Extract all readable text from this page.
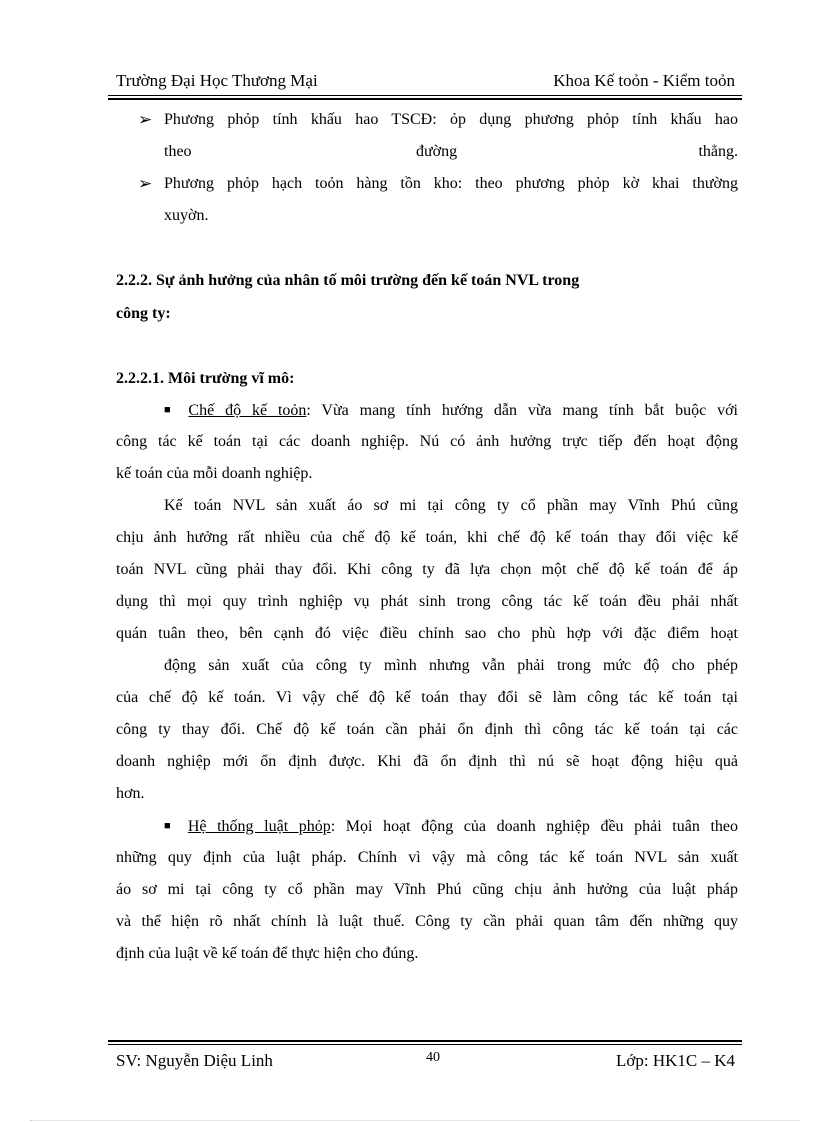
Trường Đại Học Thương Mại	Khoa Kế toỏn - Kiểm toỏn
➢ Phương phỏp tính khấu hao TSCĐ: ỏp dụng phương phỏp tính khấu hao
theo	đường	thẳng.
➢ Phương phỏp hạch toỏn hàng tồn kho: theo phương phỏp kờ khai thường
xuyờn.
2.2.2. Sự ảnh hưởng của nhân tố môi trường đến kế toán NVL trong
công ty:
2.2.2.1. Môi trường vĩ mô:
■ Chế độ kế toỏn: Vừa mang tính hướng dẫn vừa mang tính bắt buộc với
công tác kế toán tại các doanh nghiệp. Nú có ảnh hưởng trực tiếp đến hoạt động
kế toán của mỗi doanh nghiệp.
Kế toán NVL sản xuất áo sơ mi tại công ty cổ phần may Vĩnh Phú cũng
chịu ảnh hưởng rất nhiều của chế độ kế toán, khi chế độ kế toán thay đổi việc kế
toán NVL cũng phải thay đổi. Khi công ty đã lựa chọn một chế độ kế toán để áp
dụng thì mọi quy trình nghiệp vụ phát sinh trong công tác kế toán đều phải nhất
quán tuân theo, bên cạnh đó việc điều chỉnh sao cho phù hợp với đặc điểm hoạt
động sản xuất của công ty mình nhưng vẫn phải trong mức độ cho phép
của chế độ kế toán. Vì vậy chế độ kế toán thay đổi sẽ làm công tác kế toán tại
công ty thay đổi. Chế độ kế toán cần phải ổn định thì công tác kế toán tại các
doanh nghiệp mới ổn định được. Khi đã ổn định thì nú sẽ hoạt động hiệu quả
hơn.
■ Hệ thống luật phỏp: Mọi hoạt động của doanh nghiệp đều phải tuân theo
những quy định của luật pháp. Chính vì vậy mà công tác kế toán NVL sản xuất
áo sơ mi tại công ty cổ phần may Vĩnh Phú cũng chịu ảnh hưởng của luật pháp
và thể hiện rõ nhất chính là luật thuế. Công ty cần phải quan tâm đến những quy
định của luật về kế toán để thực hiện cho đúng.
SV: Nguyễn Diệu Linh	40	Lớp: HK1C – K4
